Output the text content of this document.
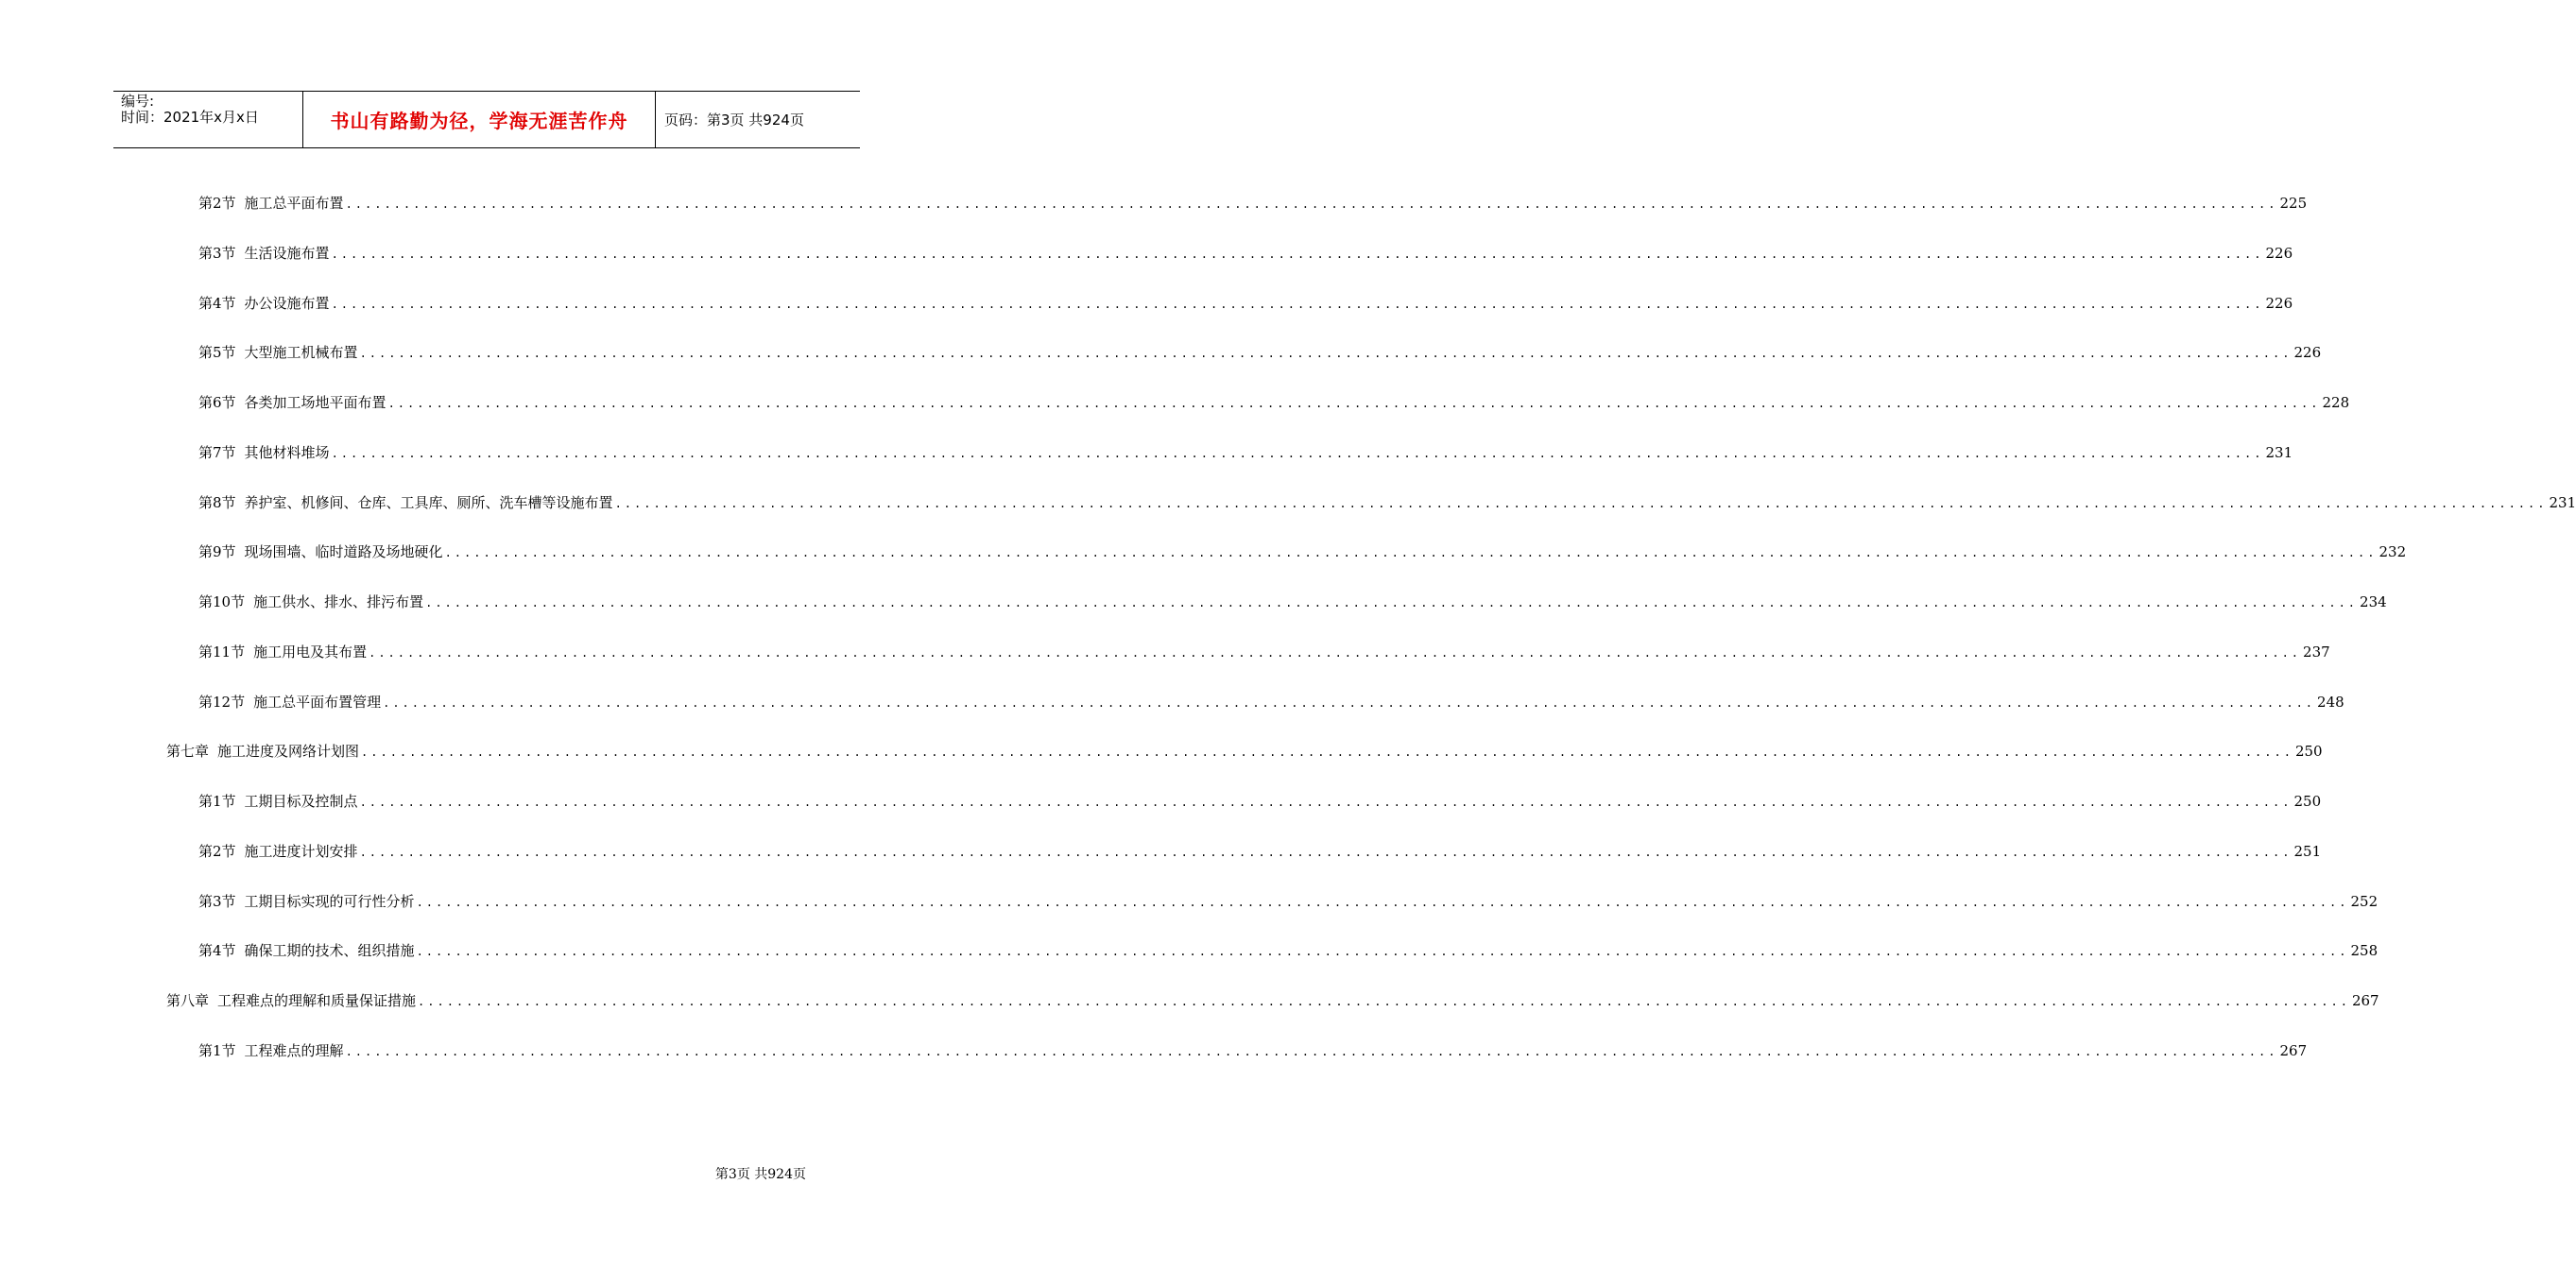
编号:
时间：2021年x月x日	书山有路勤为径，学海无涯苦作舟	页码：第3页 共924页
第2节 施工总平面布置 ........................................................................................................................................................................................................ 225
第3节 生活设施布置 ........................................................................................................................................................................................................ 226
第4节 办公设施布置 ........................................................................................................................................................................................................ 226
第5节 大型施工机械布置 ........................................................................................................................................................................................................ 226
第6节 各类加工场地平面布置 ........................................................................................................................................................................................................ 228
第7节 其他材料堆场 ........................................................................................................................................................................................................ 231
第8节 养护室、机修间、仓库、工具库、厕所、洗车槽等设施布置 ........................................................................................................................................................................................................ 231
第9节 现场围墙、临时道路及场地硬化 ........................................................................................................................................................................................................ 232
第10节 施工供水、排水、排污布置 ........................................................................................................................................................................................................ 234
第11节 施工用电及其布置 ........................................................................................................................................................................................................ 237
第12节 施工总平面布置管理 ........................................................................................................................................................................................................ 248
第七章 施工进度及网络计划图 ........................................................................................................................................................................................................ 250
第1节 工期目标及控制点 ........................................................................................................................................................................................................ 250
第2节 施工进度计划安排 ........................................................................................................................................................................................................ 251
第3节 工期目标实现的可行性分析 ........................................................................................................................................................................................................ 252
第4节 确保工期的技术、组织措施 ........................................................................................................................................................................................................ 258
第八章 工程难点的理解和质量保证措施 ........................................................................................................................................................................................................ 267
第1节 工程难点的理解 ........................................................................................................................................................................................................ 267
第3页 共924页
